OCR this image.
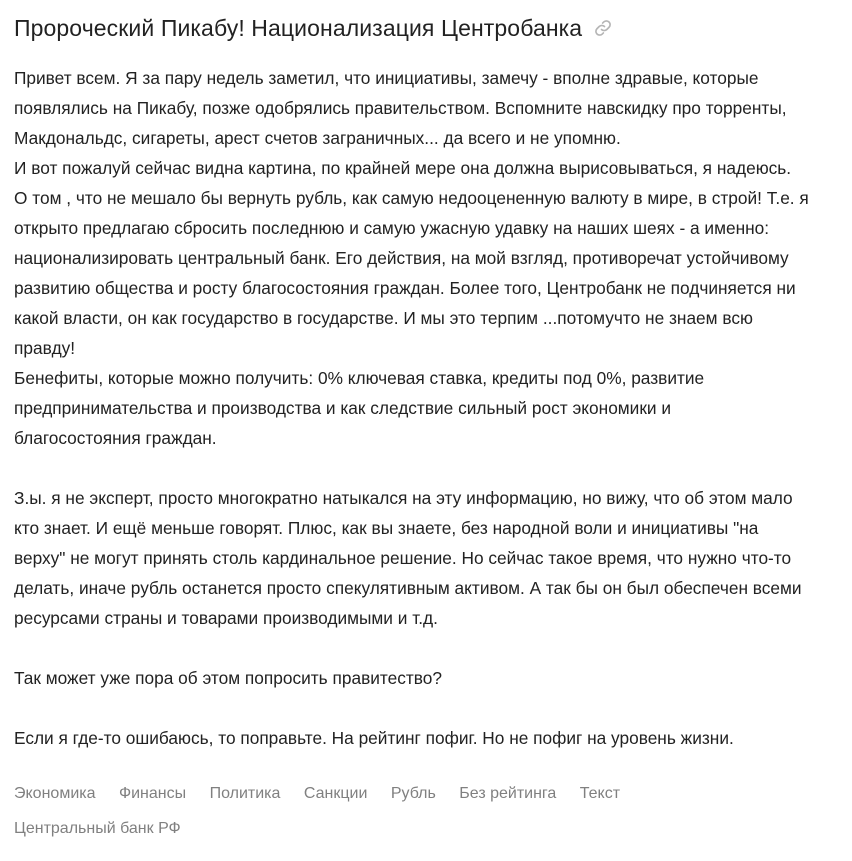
Пророческий Пикабу! Национализация Центробанка

Привет всем. Я за пару недель заметил, что инициативы, замечу - вполне здравые, которые

появлялись на Пикабу, позже одобрялись правительством. Вспомните навскидку про торренты,

Макдональдс, сигареты, арест счетов заграничных... да всего и не упомню.

И вот пожалуй сейчас видна картина, по крайней мере она должна вырисовываться, я надеюсь.

О том , что не мешало бы вернуть рубль, как самую недооцененную валюту в мире, в строй! Т.е. я

открыто предлагаю сбросить последнюю и самую ужасную удавку на наших шеях - а именно:

национализировать центральный банк. Его действия, на мой взгляд, противоречат устойчивому

развитию общества и росту благосостояния граждан. Более того, Центробанк не подчиняется ни

какой власти, он как государство в государстве. И мы это терпим ...потомучто не знаем всю

правду!

Бенефиты, которые можно получить: 0% ключевая ставка, кредиты под 0%, развитие

предпринимательства и производства и как следствие сильный рост экономики и

благосостояния граждан.

З.ы. я не эксперт, просто многократно натыкался на эту информацию, но вижу, что об этом мало

кто знает. И ещё меньше говорят. Плюс, как вы знаете, без народной воли и инициативы "на

верху" не могут принять столь кардинальное решение. Но сейчас такое время, что нужно что-то

делать, иначе рубль останется просто спекулятивным активом. А так бы он был обеспечен всеми

ресурсами страны и товарами производимыми и т.д.

Так может уже пора об этом попросить правитество?

Если я где-то ошибаюсь, то поправьте. На рейтинг пофиг. Но не пофиг на уровень жизни.

Экономика Финансы Политика Санкции Рубль Без рейтинга Текст
Центральный банк РФ
